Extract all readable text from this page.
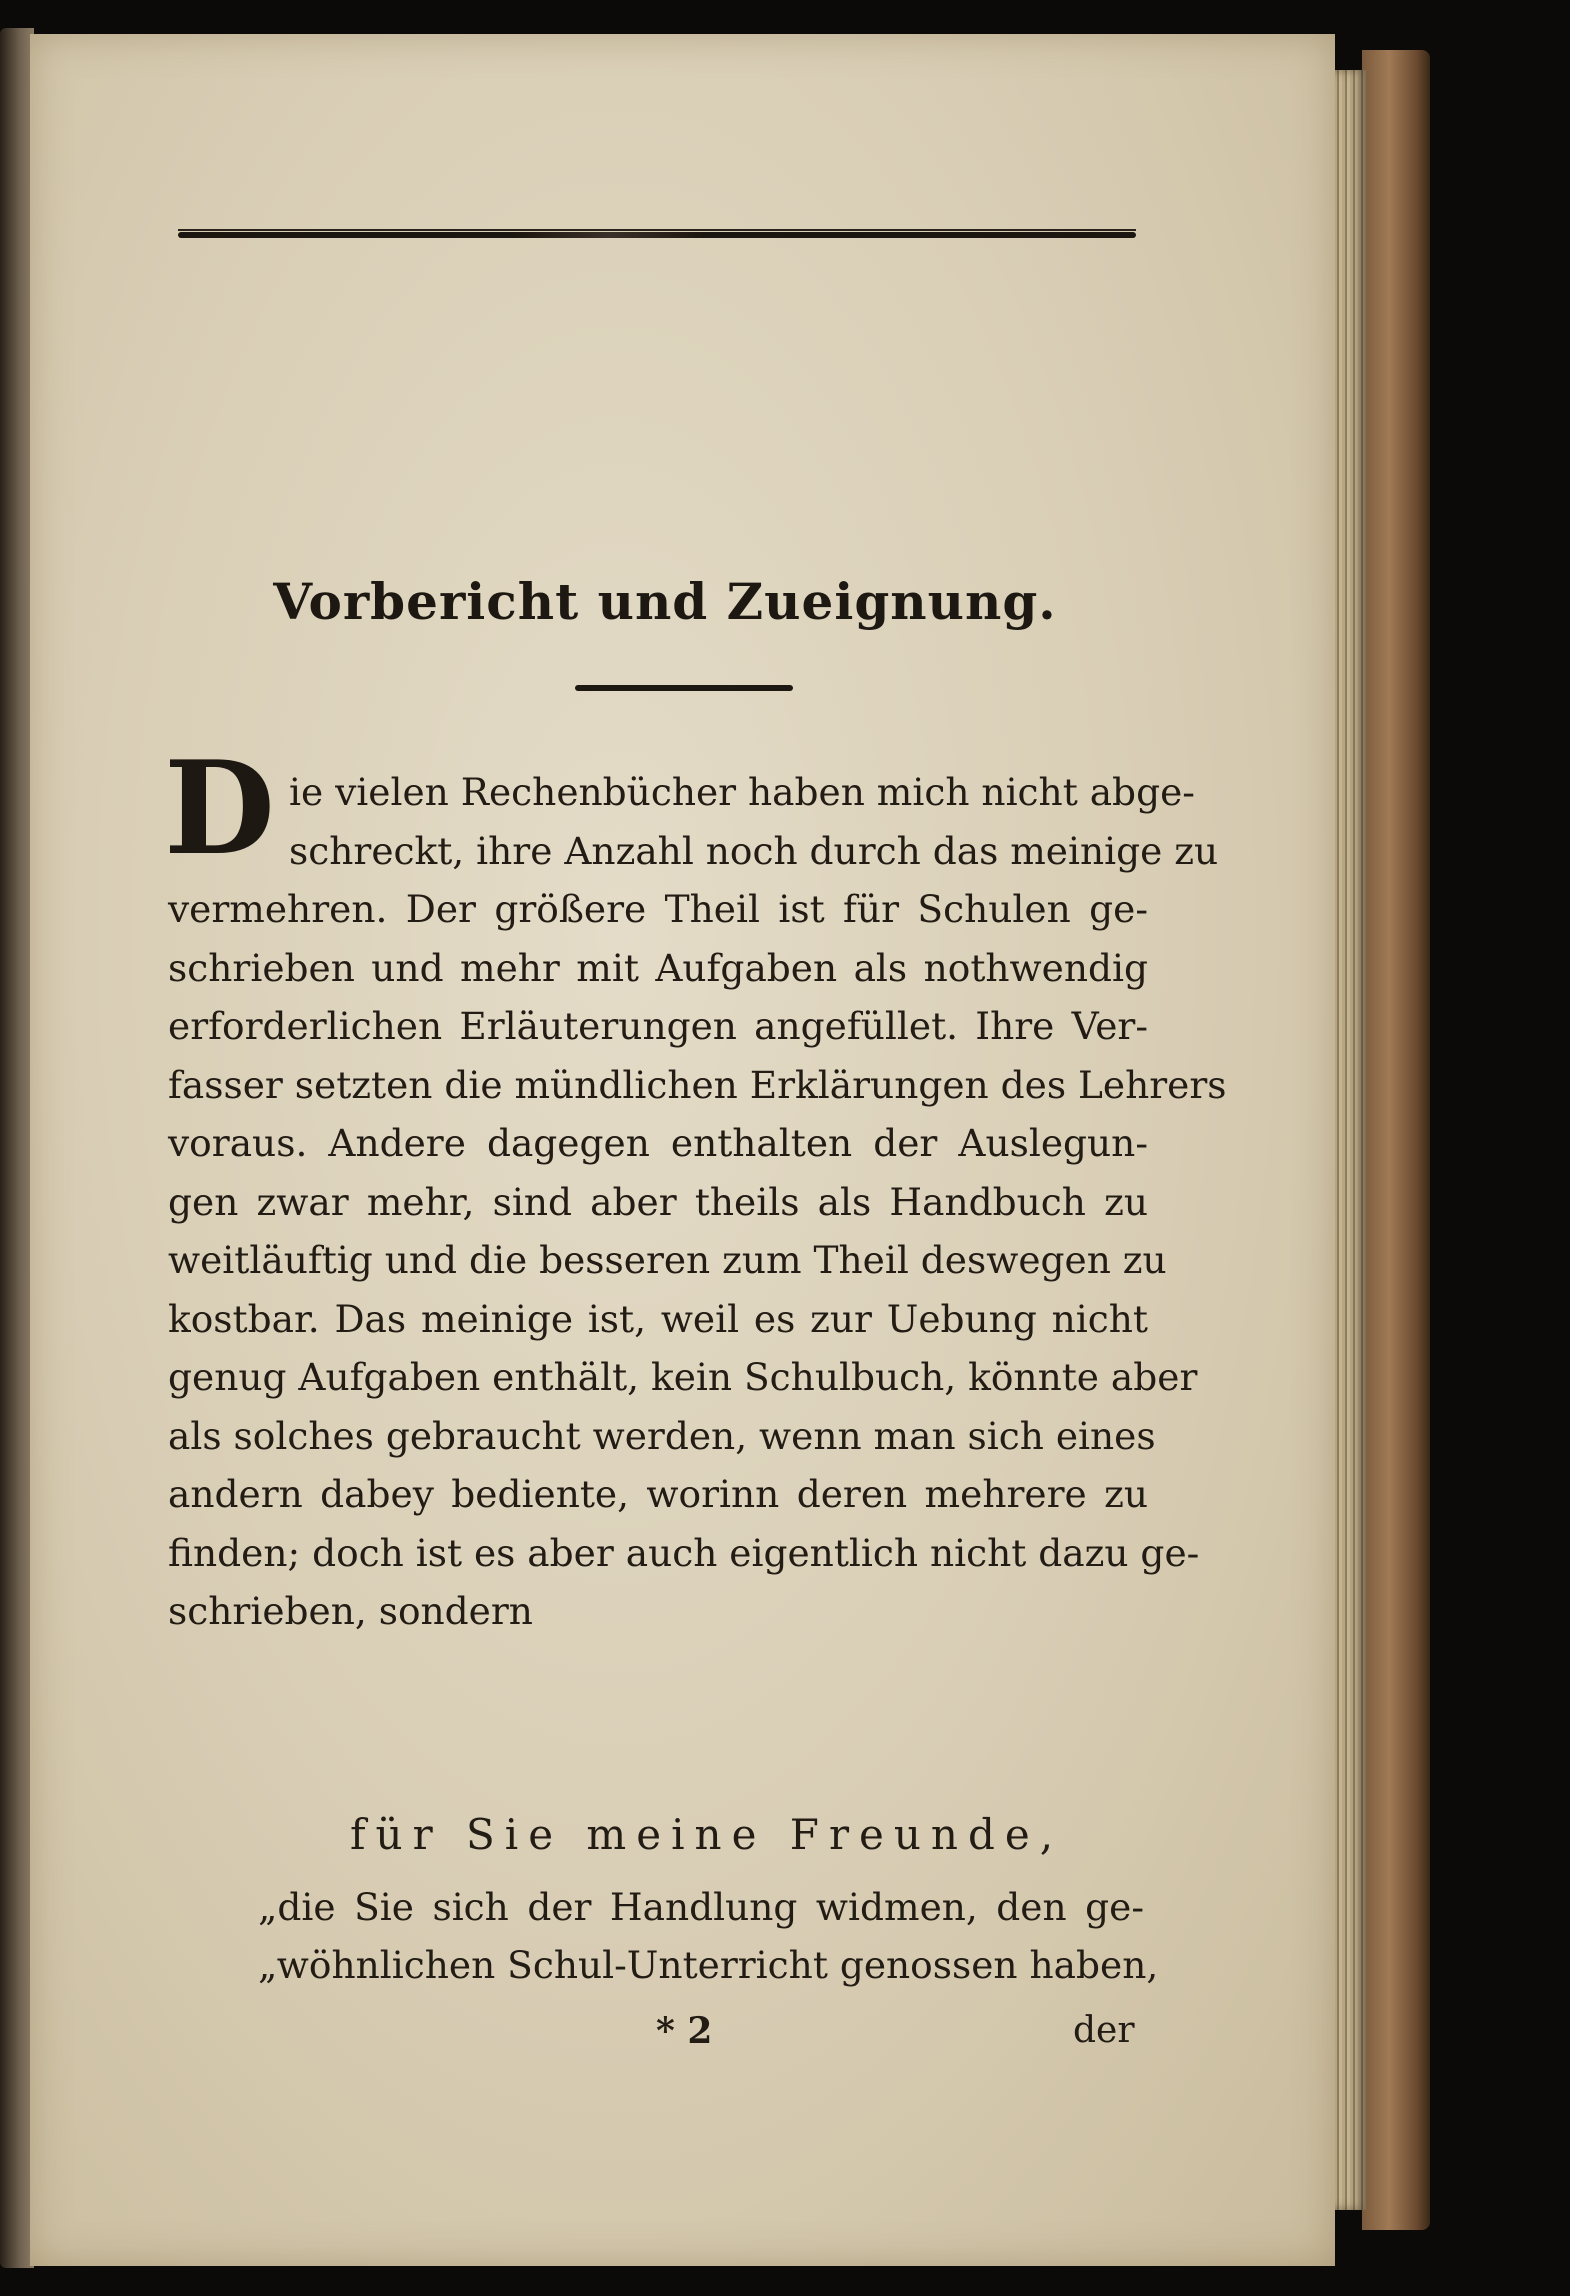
Vorbericht und Zueignung.
D ie vielen Rechenbücher haben mich nicht abge-
schreckt, ihre Anzahl noch durch das meinige zu
vermehren. Der größere Theil ist für Schulen ge-
schrieben und mehr mit Aufgaben als nothwendig
erforderlichen Erläuterungen angefüllet. Ihre Ver-
fasser setzten die mündlichen Erklärungen des Lehrers
voraus. Andere dagegen enthalten der Auslegun-
gen zwar mehr, sind aber theils als Handbuch zu
weitläuftig und die besseren zum Theil deswegen zu
kostbar. Das meinige ist, weil es zur Uebung nicht
genug Aufgaben enthält, kein Schulbuch, könnte aber
als solches gebraucht werden, wenn man sich eines
andern dabey bediente, worinn deren mehrere zu
finden; doch ist es aber auch eigentlich nicht dazu ge-
schrieben, sondern
für Sie meine Freunde,
„die Sie sich der Handlung widmen, den ge-
„wöhnlichen Schul-Unterricht genossen haben,
* 2	der
